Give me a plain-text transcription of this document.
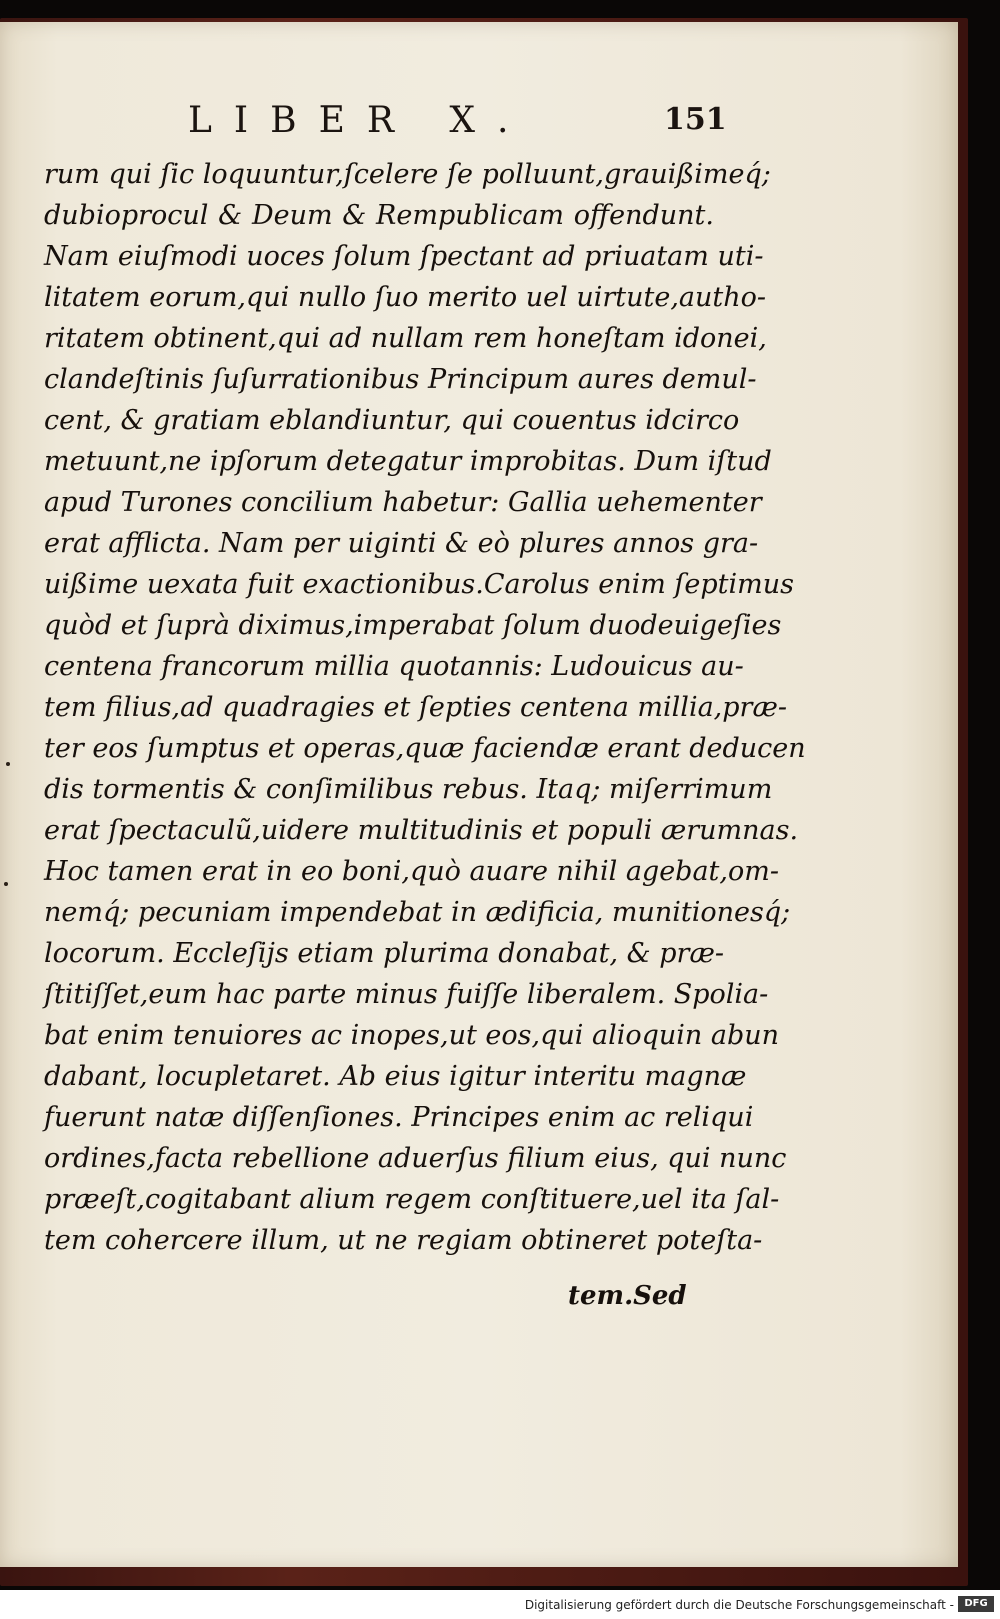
LIBER X.	151
rum qui ſic loquuntur,ſcelere ſe polluunt,grauißimeq́;
dubioprocul & Deum & Rempublicam offendunt.
Nam eiuſmodi uoces ſolum ſpectant ad priuatam uti-
litatem eorum,qui nullo ſuo merito uel uirtute,autho-
ritatem obtinent,qui ad nullam rem honeſtam idonei,
clandeſtinis ſuſurrationibus Principum aures demul-
cent, & gratiam eblandiuntur, qui couentus idcirco
metuunt,ne ipſorum detegatur improbitas. Dum iſtud
apud Turones concilium habetur: Gallia uehementer
erat afflicta. Nam per uiginti & eò plures annos gra-
uißime uexata fuit exactionibus.Carolus enim ſeptimus
quòd et ſuprà diximus,imperabat ſolum duodeuigeſies
centena francorum millia quotannis: Ludouicus au-
tem filius,ad quadragies et ſepties centena millia,præ-
ter eos ſumptus et operas,quæ faciendæ erant deducen
dis tormentis & conſimilibus rebus. Itaq; miſerrimum
erat ſpectaculũ,uidere multitudinis et populi ærumnas.
Hoc tamen erat in eo boni,quò auare nihil agebat,om-
nemq́; pecuniam impendebat in ædificia, munitionesq́;
locorum. Eccleſijs etiam plurima donabat, & præ-
ſtitiſſet,eum hac parte minus fuiſſe liberalem. Spolia-
bat enim tenuiores ac inopes,ut eos,qui alioquin abun
dabant, locupletaret. Ab eius igitur interitu magnæ
fuerunt natæ diſſenſiones. Principes enim ac reliqui
ordines,facta rebellione aduerſus filium eius, qui nunc
præeſt,cogitabant alium regem conſtituere,uel ita ſal-
tem cohercere illum, ut ne regiam obtineret poteſta-
tem.Sed
Digitalisierung gefördert durch die Deutsche Forschungsgemeinschaft -	DFG
